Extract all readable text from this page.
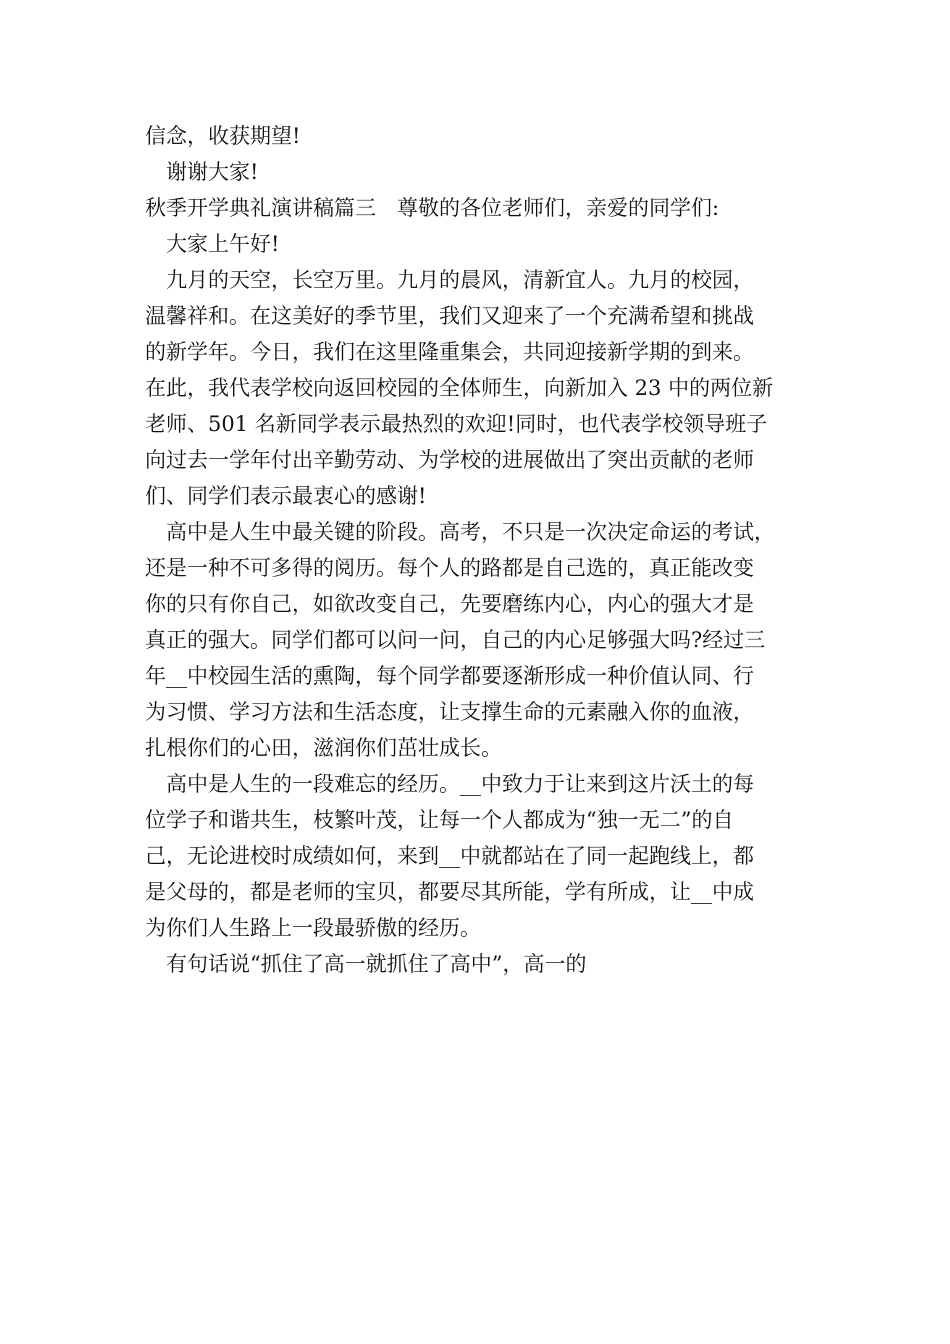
信念，收获期望!
　谢谢大家!
秋季开学典礼演讲稿篇三　尊敬的各位老师们，亲爱的同学们:
　大家上午好!
　九月的天空，长空万里。九月的晨风，清新宜人。九月的校园，
温馨祥和。在这美好的季节里，我们又迎来了一个充满希望和挑战
的新学年。今日，我们在这里隆重集会，共同迎接新学期的到来。
在此，我代表学校向返回校园的全体师生，向新加入 23 中的两位新
老师、501 名新同学表示最热烈的欢迎!同时，也代表学校领导班子
向过去一学年付出辛勤劳动、为学校的进展做出了突出贡献的老师
们、同学们表示最衷心的感谢!
　高中是人生中最关键的阶段。高考，不只是一次决定命运的考试，
还是一种不可多得的阅历。每个人的路都是自己选的，真正能改变
你的只有你自己，如欲改变自己，先要磨练内心，内心的强大才是
真正的强大。同学们都可以问一问，自己的内心足够强大吗?经过三
年__中校园生活的熏陶，每个同学都要逐渐形成一种价值认同、行
为习惯、学习方法和生活态度，让支撑生命的元素融入你的血液，
扎根你们的心田，滋润你们茁壮成长。
　高中是人生的一段难忘的经历。__中致力于让来到这片沃土的每
位学子和谐共生，枝繁叶茂，让每一个人都成为“独一无二”的自
己，无论进校时成绩如何，来到__中就都站在了同一起跑线上，都
是父母的，都是老师的宝贝，都要尽其所能，学有所成，让__中成
为你们人生路上一段最骄傲的经历。
　有句话说“抓住了高一就抓住了高中”，高一的
